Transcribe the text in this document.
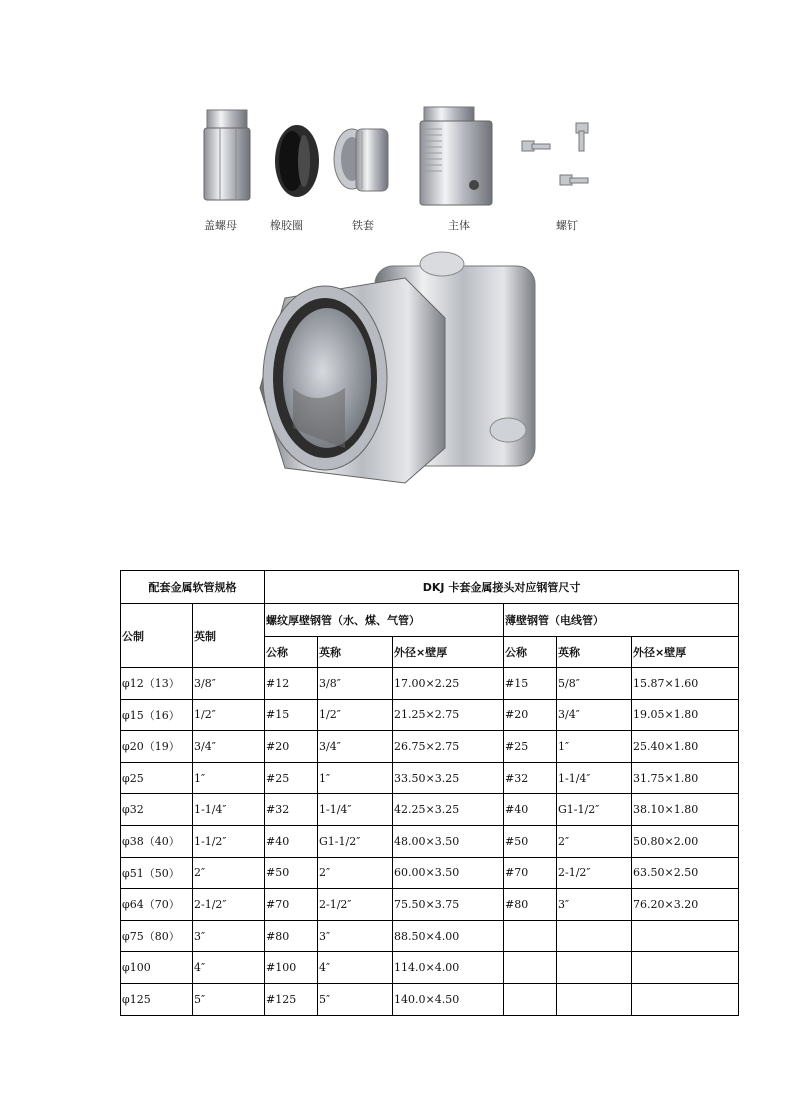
盖螺母	橡胶圈	铁套	主体	螺钉
配套金属软管规格		DKJ 卡套金属接头对应钢管尺寸					
公制	英制	螺纹厚壁钢管（水、煤、气管）			薄壁钢管（电线管）		
		公称	英称	外径×壁厚	公称	英称	外径×壁厚
φ12（13）	3/8″	#12	3/8″	17.00×2.25	#15	5/8″	15.87×1.60
φ15（16）	1/2″	#15	1/2″	21.25×2.75	#20	3/4″	19.05×1.80
φ20（19）	3/4″	#20	3/4″	26.75×2.75	#25	1″	25.40×1.80
φ25	1″	#25	1″	33.50×3.25	#32	1-1/4″	31.75×1.80
φ32	1-1/4″	#32	1-1/4″	42.25×3.25	#40	G1-1/2″	38.10×1.80
φ38（40）	1-1/2″	#40	G1-1/2″	48.00×3.50	#50	2″	50.80×2.00
φ51（50）	2″	#50	2″	60.00×3.50	#70	2-1/2″	63.50×2.50
φ64（70）	2-1/2″	#70	2-1/2″	75.50×3.75	#80	3″	76.20×3.20
φ75（80）	3″	#80	3″	88.50×4.00			
φ100	4″	#100	4″	114.0×4.00			
φ125	5″	#125	5″	140.0×4.50			
